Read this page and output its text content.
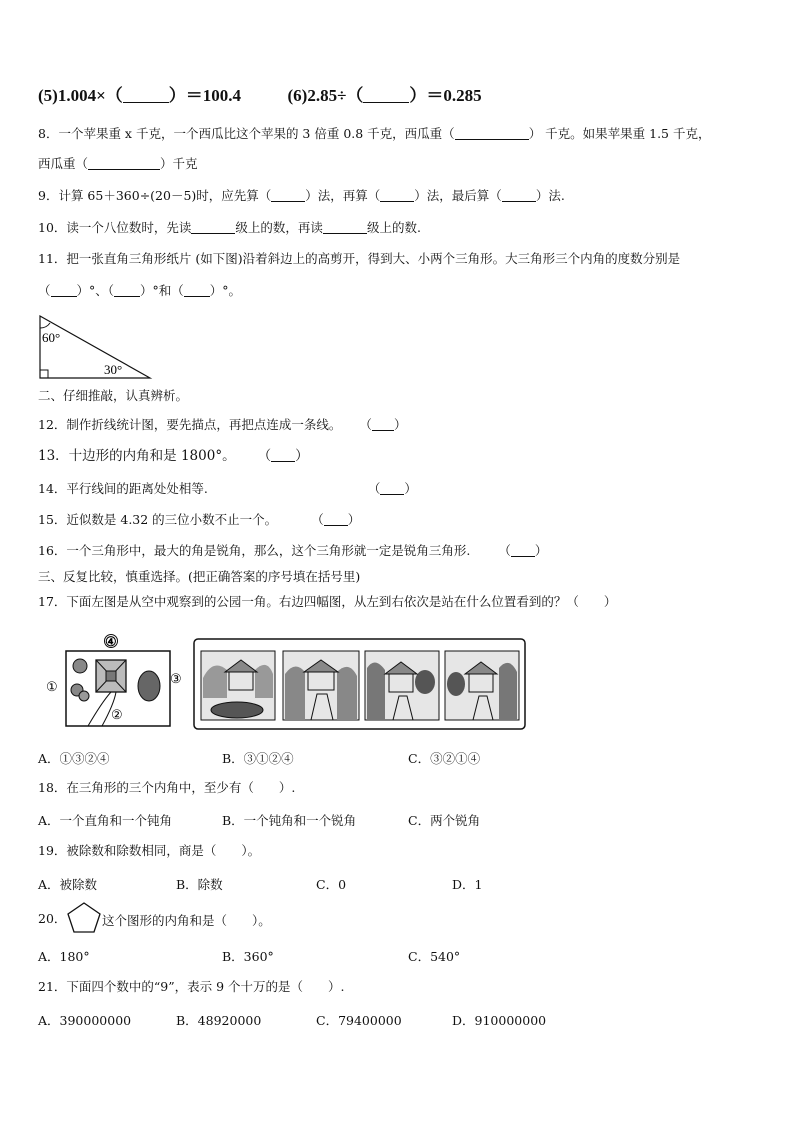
(5)1.004×（	）＝100.4	(6)2.85÷（	）＝0.285
8．一个苹果重 x 千克，一个西瓜比这个苹果的 3 倍重 0.8 千克，西瓜重（	） 千克。如果苹果重 1.5 千克，
西瓜重（	）千克
9．计算 65＋360÷(20－5)时，应先算（	）法，再算（	）法，最后算（	）法.
10．读一个八位数时，先读	级上的数，再读	级上的数.
11．把一张直角三角形纸片 (如下图)沿着斜边上的高剪开，得到大、小两个三角形。大三角形三个内角的度数分别是
（ ）°、（ ）°和（ ）°。
60°
30°
二、仔细推敲，认真辨析。
12．制作折线统计图，要先描点，再把点连成一条线。 （ ）
13．十边形的内角和是 1800°。 （ ）
14．平行线间的距离处处相等.	（ ）
15．近似数是 4.32 的三位小数不止一个。	（ ）
16．一个三角形中，最大的角是锐角，那么，这个三角形就一定是锐角三角形. （ ）
三、反复比较，慎重选择。(把正确答案的序号填在括号里)
17．下面左图是从空中观察到的公园一角。右边四幅图，从左到右依次是站在什么位置看到的？（　　）
④
①
②
③
A．①③②④	B．③①②④	C．③②①④
18．在三角形的三个内角中，至少有（　　）.
A．一个直角和一个钝角	B．一个钝角和一个锐角	C．两个锐角
19．被除数和除数相同，商是（　　）。
A．被除数	B．除数	C．0	D．1
20．	这个图形的内角和是（　　）。
A．180°	B．360°	C．540°
21．下面四个数中的“9”，表示 9 个十万的是（　　）.
A．390000000	B．48920000	C．79400000	D．910000000
